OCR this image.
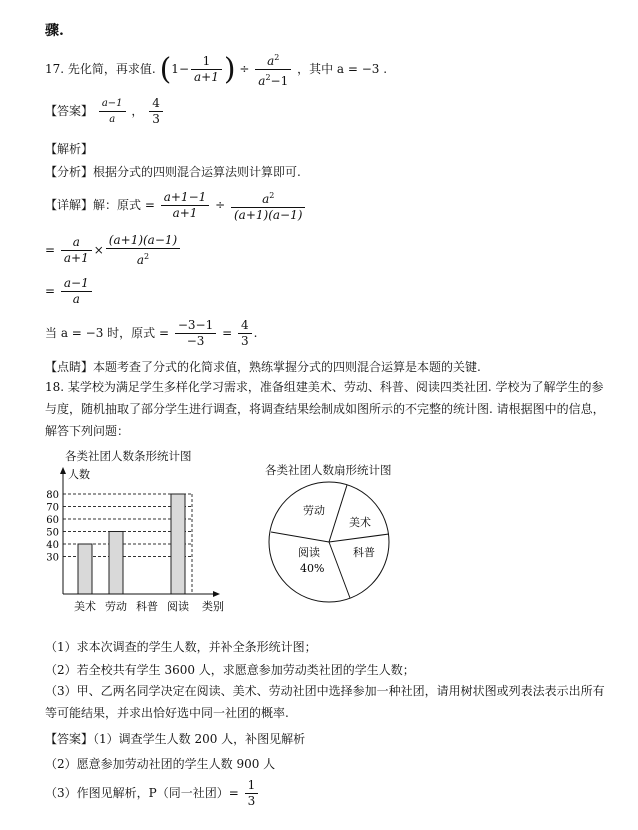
骤.
17. 先化简，再求值. ($1- \frac{1}{a+1}$ ) ÷ $\frac{a^2}{a^2-1}$ ，其中 a = −3 .
【答案】 $\frac{a-1}{a}$ ， $\frac{4}{3}$
【解析】
【分析】根据分式的四则混合运算法则计算即可.
【详解】解：原式 = $\frac{a+1-1}{a+1} \div \frac{a^2}{(a+1)(a-1)}$
= $\frac{a}{a+1} \times \frac{(a+1)(a-1)}{a^2}$
= $\frac{a-1}{a}$
当 a = −3 时，原式 = $\frac{-3-1}{-3} = \frac{4}{3}$ .
【点睛】本题考查了分式的化简求值，熟练掌握分式的四则混合运算是本题的关键.
18. 某学校为满足学生多样化学习需求，准备组建美术、劳动、科普、阅读四类社团. 学校为了解学生的参与度，随机抽取了部分学生进行调查，将调查结果绘制成如图所示的不完整的统计图. 请根据图中的信息，解答下列问题：
各类社团人数条形统计图
人数
类别
美术 劳动 科普 阅读
30
40
50
60
70
80
各类社团人数扇形统计图
劳动
美术
科普
阅读
40%
（1）求本次调查的学生人数，并补全条形统计图；
（2）若全校共有学生 3600 人，求愿意参加劳动类社团的学生人数；
（3）甲、乙两名同学决定在阅读、美术、劳动社团中选择参加一种社团，请用树状图或列表法表示出所有等可能结果，并求出恰好选中同一社团的概率.
【答案】（1）调查学生人数 200 人，补图见解析
（2）愿意参加劳动社团的学生人数 900 人
（3）作图见解析，P（同一社团）= $\frac{1}{3}$
